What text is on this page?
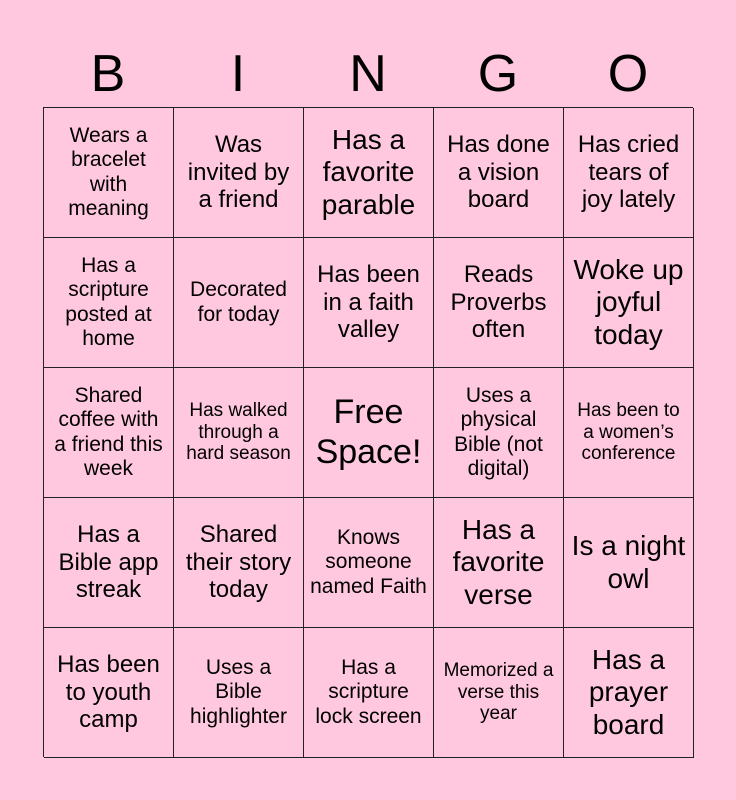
B	I	N	G	O
Wears a bracelet with meaning
Was invited by a friend
Has a favorite parable
Has done a vision board
Has cried tears of joy lately
Has a scripture posted at home
Decorated for today
Has been in a faith valley
Reads Proverbs often
Woke up joyful today
Shared coffee with a friend this week
Has walked through a hard season
Free Space!
Uses a physical Bible (not digital)
Has been to a women’s conference
Has a Bible app streak
Shared their story today
Knows someone named Faith
Has a favorite verse
Is a night owl
Has been to youth camp
Uses a Bible highlighter
Has a scripture lock screen
Memorized a verse this year
Has a prayer board
